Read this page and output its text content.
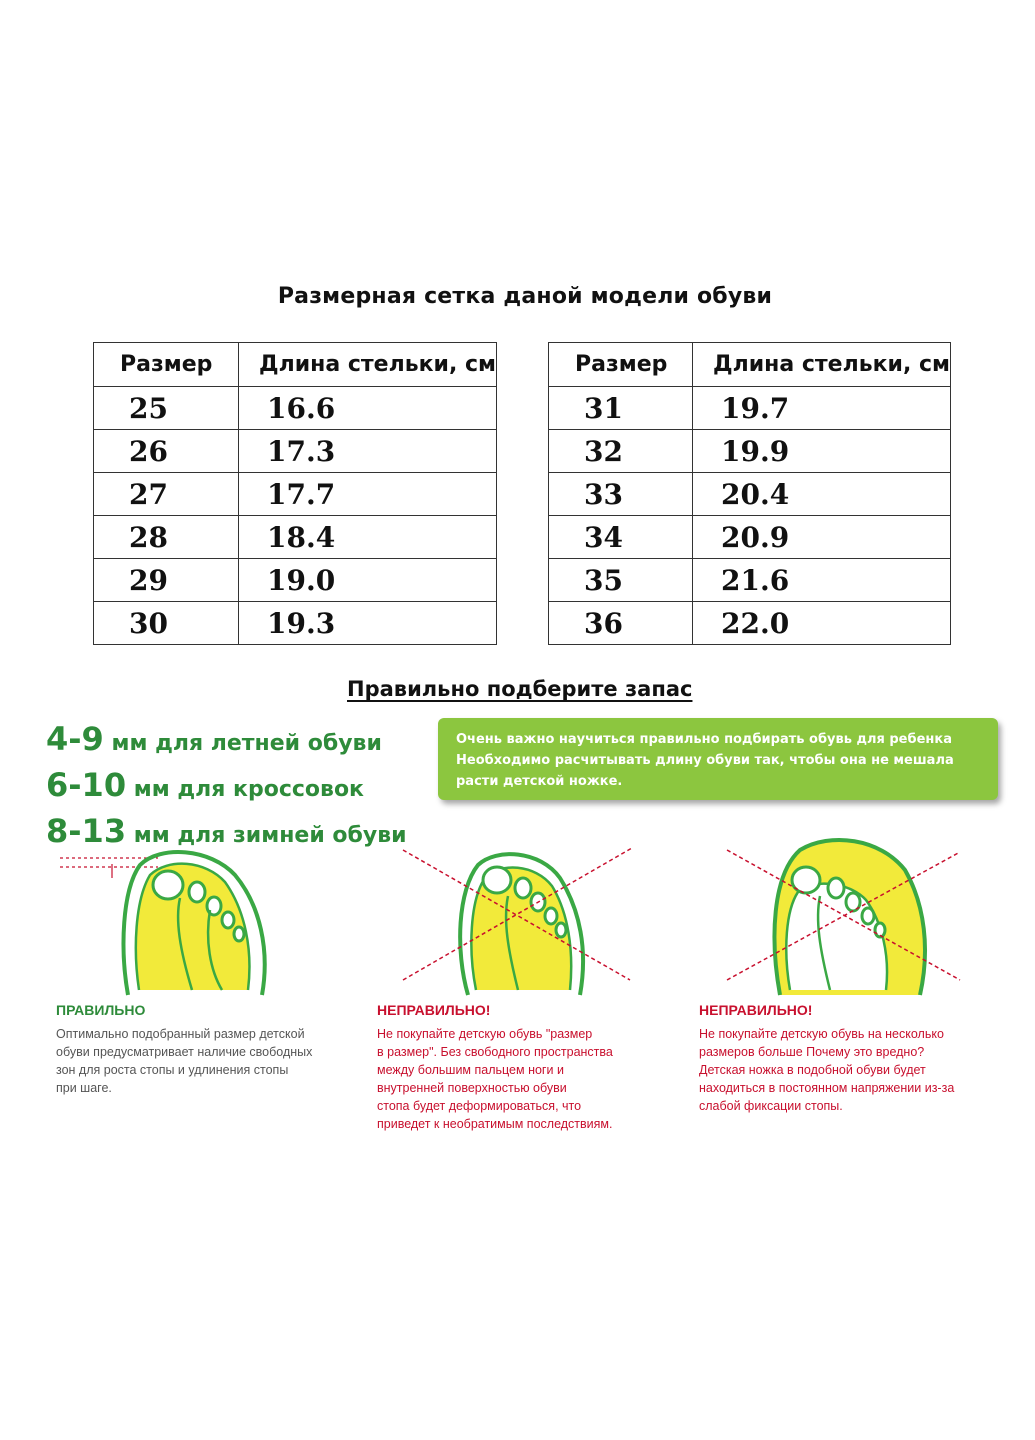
Размерная сетка даной модели обуви
Размер	Длина стельки, см
25	16.6
26	17.3
27	17.7
28	18.4
29	19.0
30	19.3
Размер	Длина стельки, см
31	19.7
32	19.9
33	20.4
34	20.9
35	21.6
36	22.0
Правильно подберите запас
4-9 мм для летней обуви
6-10 мм для кроссовок
8-13 мм для зимней обуви
Очень важно научиться правильно подбирать обувь для ребенка
Необходимо расчитывать длину обуви так, чтобы она не мешала
расти детской ножке.
ПРАВИЛЬНО
Оптимально подобранный размер детской
обуви предусматривает наличие свободных
зон для роста стопы и удлинения стопы
при шаге.
НЕПРАВИЛЬНО!
Не покупайте детскую обувь "размер
в размер". Без свободного пространства
между большим пальцем ноги и
внутренней поверхностью обуви
стопа будет деформироваться, что
приведет к необратимым последствиям.
НЕПРАВИЛЬНО!
Не покупайте детскую обувь на несколько
размеров больше Почему это вредно?
Детская ножка в подобной обуви будет
находиться в постоянном напряжении из-за
слабой фиксации стопы.
